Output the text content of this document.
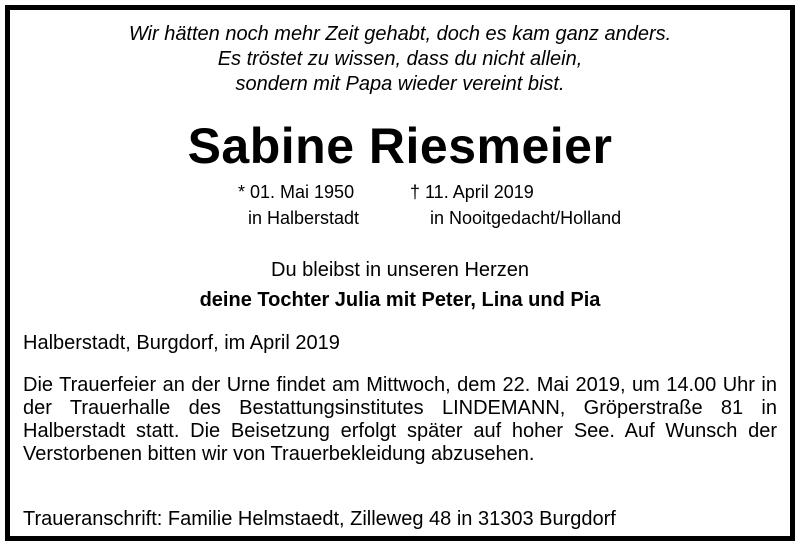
Wir hätten noch mehr Zeit gehabt, doch es kam ganz anders.
Es tröstet zu wissen, dass du nicht allein,
sondern mit Papa wieder vereint bist.
Sabine Riesmeier
* 01. Mai 1950
in Halberstadt
† 11. April 2019
in Nooitgedacht/Holland
Du bleibst in unseren Herzen
deine Tochter Julia mit Peter, Lina und Pia
Halberstadt, Burgdorf, im April 2019
Die Trauerfeier an der Urne findet am Mittwoch, dem 22. Mai 2019, um 14.00 Uhr in der Trauerhalle des Bestattungsinstitutes LINDEMANN, Gröperstraße 81 in Halberstadt statt. Die Beisetzung erfolgt später auf hoher See. Auf Wunsch der Verstorbenen bitten wir von Trauerbekleidung abzusehen.
Traueranschrift: Familie Helmstaedt, Zilleweg 48 in 31303 Burgdorf
